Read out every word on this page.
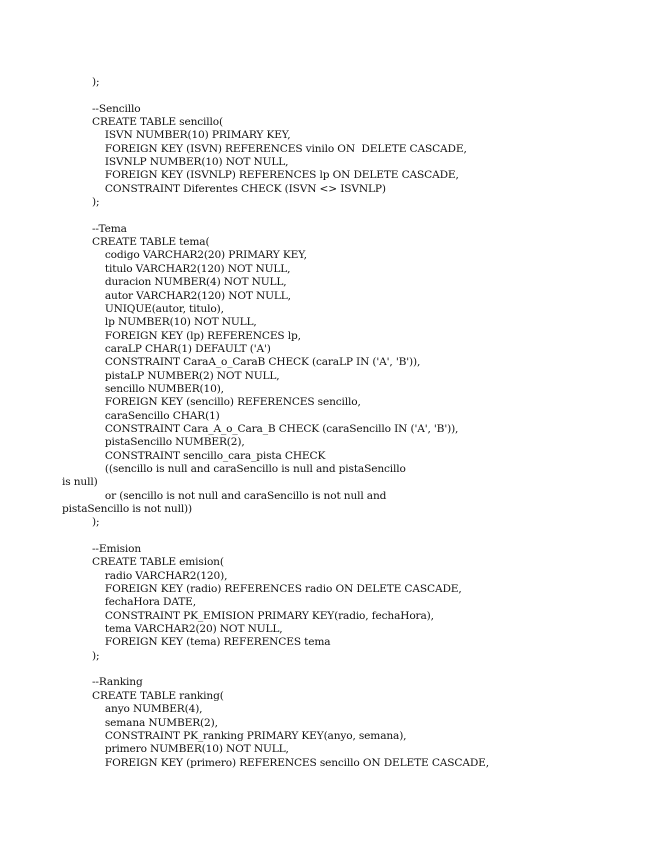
);
--Sencillo
CREATE TABLE sencillo(
ISVN NUMBER(10) PRIMARY KEY,
FOREIGN KEY (ISVN) REFERENCES vinilo ON  DELETE CASCADE,
ISVNLP NUMBER(10) NOT NULL,
FOREIGN KEY (ISVNLP) REFERENCES lp ON DELETE CASCADE,
CONSTRAINT Diferentes CHECK (ISVN <> ISVNLP)
);
--Tema
CREATE TABLE tema(
codigo VARCHAR2(20) PRIMARY KEY,
titulo VARCHAR2(120) NOT NULL,
duracion NUMBER(4) NOT NULL,
autor VARCHAR2(120) NOT NULL,
UNIQUE(autor, titulo),
lp NUMBER(10) NOT NULL,
FOREIGN KEY (lp) REFERENCES lp,
caraLP CHAR(1) DEFAULT ('A')
CONSTRAINT CaraA_o_CaraB CHECK (caraLP IN ('A', 'B')),
pistaLP NUMBER(2) NOT NULL,
sencillo NUMBER(10),
FOREIGN KEY (sencillo) REFERENCES sencillo,
caraSencillo CHAR(1)
CONSTRAINT Cara_A_o_Cara_B CHECK (caraSencillo IN ('A', 'B')),
pistaSencillo NUMBER(2),
CONSTRAINT sencillo_cara_pista CHECK
((sencillo is null and caraSencillo is null and pistaSencillo
is null)
or (sencillo is not null and caraSencillo is not null and
pistaSencillo is not null))
);
--Emision
CREATE TABLE emision(
radio VARCHAR2(120),
FOREIGN KEY (radio) REFERENCES radio ON DELETE CASCADE,
fechaHora DATE,
CONSTRAINT PK_EMISION PRIMARY KEY(radio, fechaHora),
tema VARCHAR2(20) NOT NULL,
FOREIGN KEY (tema) REFERENCES tema
);
--Ranking
CREATE TABLE ranking(
anyo NUMBER(4),
semana NUMBER(2),
CONSTRAINT PK_ranking PRIMARY KEY(anyo, semana),
primero NUMBER(10) NOT NULL,
FOREIGN KEY (primero) REFERENCES sencillo ON DELETE CASCADE,
